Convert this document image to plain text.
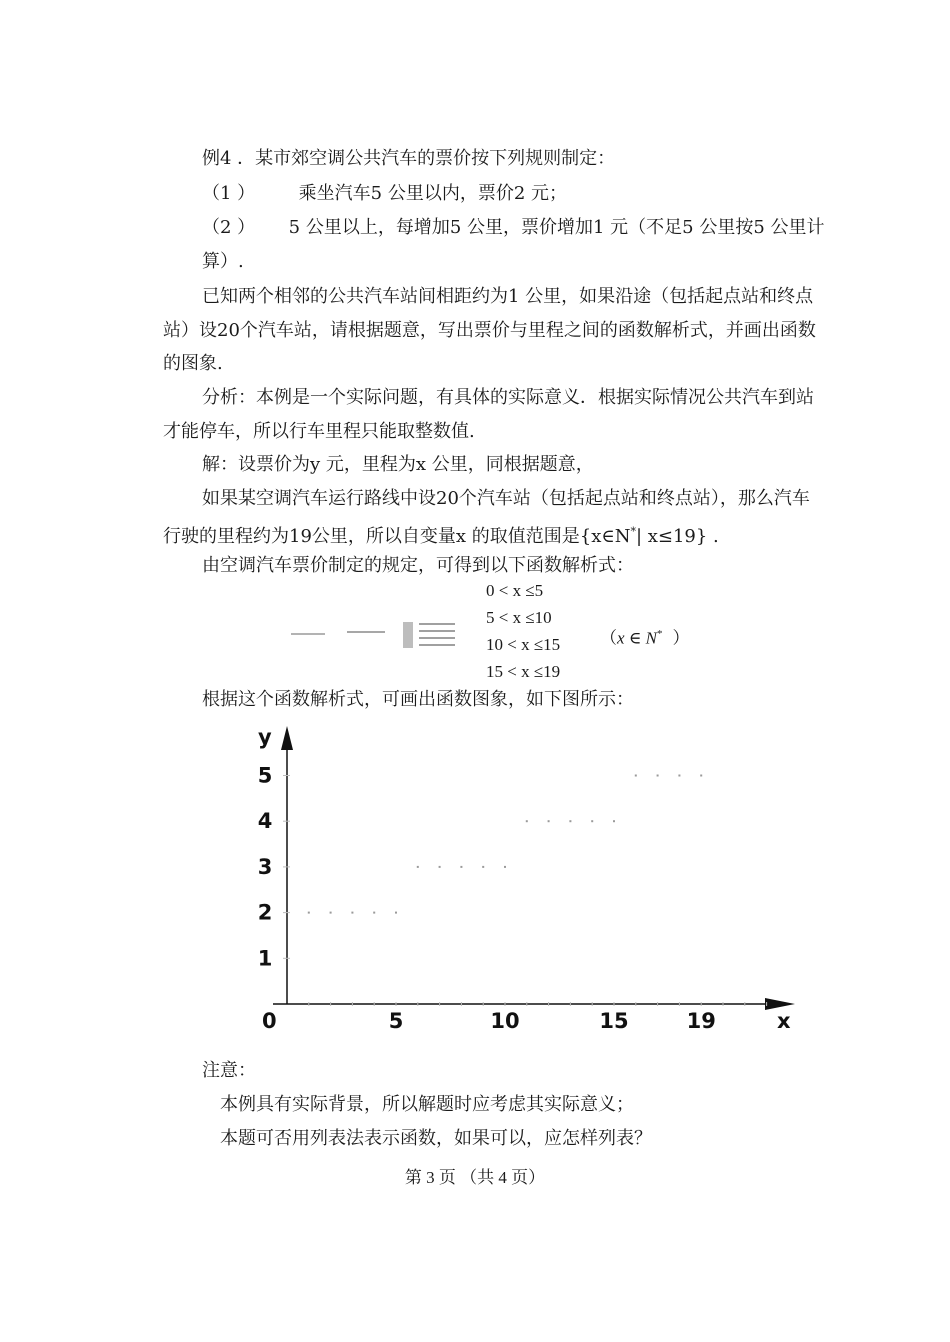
例4 ．某市郊空调公共汽车的票价按下列规则制定：
（1 ） 乘坐汽车5 公里以内，票价2 元；
（2 ） 5 公里以上，每增加5 公里，票价增加1 元（不足5 公里按5 公里计
算）.
已知两个相邻的公共汽车站间相距约为1 公里，如果沿途（包括起点站和终点
站）设20个汽车站，请根据题意，写出票价与里程之间的函数解析式，并画出函数
的图象.
分析：本例是一个实际问题，有具体的实际意义．根据实际情况公共汽车到站
才能停车，所以行车里程只能取整数值.
解：设票价为y 元，里程为x 公里，同根据题意，
如果某空调汽车运行路线中设20个汽车站（包括起点站和终点站），那么汽车
行驶的里程约为19公里，所以自变量x 的取值范围是{x∈N*| x≤19} .
由空调汽车票价制定的规定，可得到以下函数解析式：
0 < x ≤5
5 < x ≤10
10 < x ≤15
15 < x ≤19
（x ∈ N* ）
根据这个函数解析式，可画出函数图象，如下图所示：
y
x
0	5	10	15	19
1
2
3
4
5
注意：
本例具有实际背景，所以解题时应考虑其实际意义；
本题可否用列表法表示函数，如果可以，应怎样列表？
第 3 页 （共 4 页）
